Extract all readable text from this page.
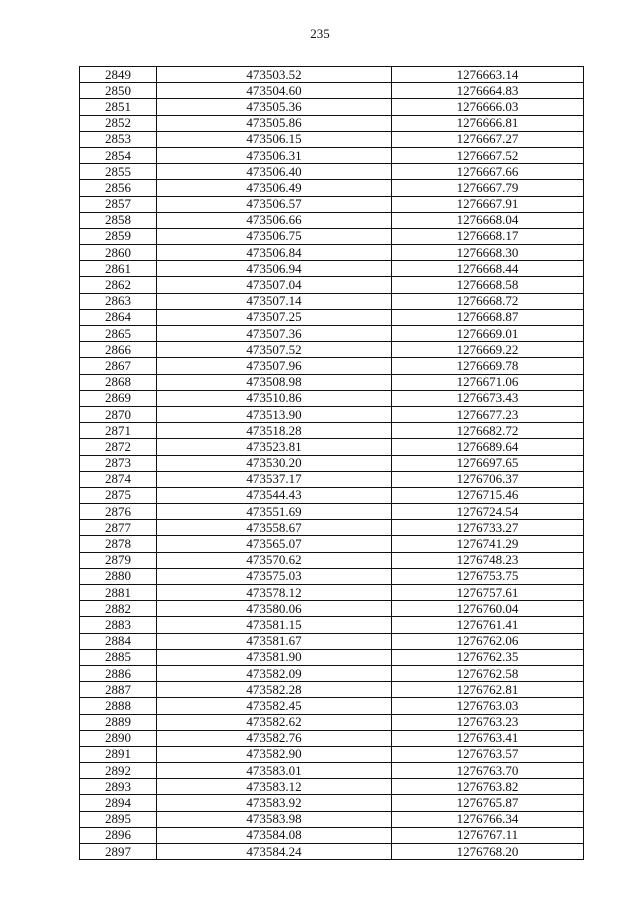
235
2849	473503.52	1276663.14
2850	473504.60	1276664.83
2851	473505.36	1276666.03
2852	473505.86	1276666.81
2853	473506.15	1276667.27
2854	473506.31	1276667.52
2855	473506.40	1276667.66
2856	473506.49	1276667.79
2857	473506.57	1276667.91
2858	473506.66	1276668.04
2859	473506.75	1276668.17
2860	473506.84	1276668.30
2861	473506.94	1276668.44
2862	473507.04	1276668.58
2863	473507.14	1276668.72
2864	473507.25	1276668.87
2865	473507.36	1276669.01
2866	473507.52	1276669.22
2867	473507.96	1276669.78
2868	473508.98	1276671.06
2869	473510.86	1276673.43
2870	473513.90	1276677.23
2871	473518.28	1276682.72
2872	473523.81	1276689.64
2873	473530.20	1276697.65
2874	473537.17	1276706.37
2875	473544.43	1276715.46
2876	473551.69	1276724.54
2877	473558.67	1276733.27
2878	473565.07	1276741.29
2879	473570.62	1276748.23
2880	473575.03	1276753.75
2881	473578.12	1276757.61
2882	473580.06	1276760.04
2883	473581.15	1276761.41
2884	473581.67	1276762.06
2885	473581.90	1276762.35
2886	473582.09	1276762.58
2887	473582.28	1276762.81
2888	473582.45	1276763.03
2889	473582.62	1276763.23
2890	473582.76	1276763.41
2891	473582.90	1276763.57
2892	473583.01	1276763.70
2893	473583.12	1276763.82
2894	473583.92	1276765.87
2895	473583.98	1276766.34
2896	473584.08	1276767.11
2897	473584.24	1276768.20
